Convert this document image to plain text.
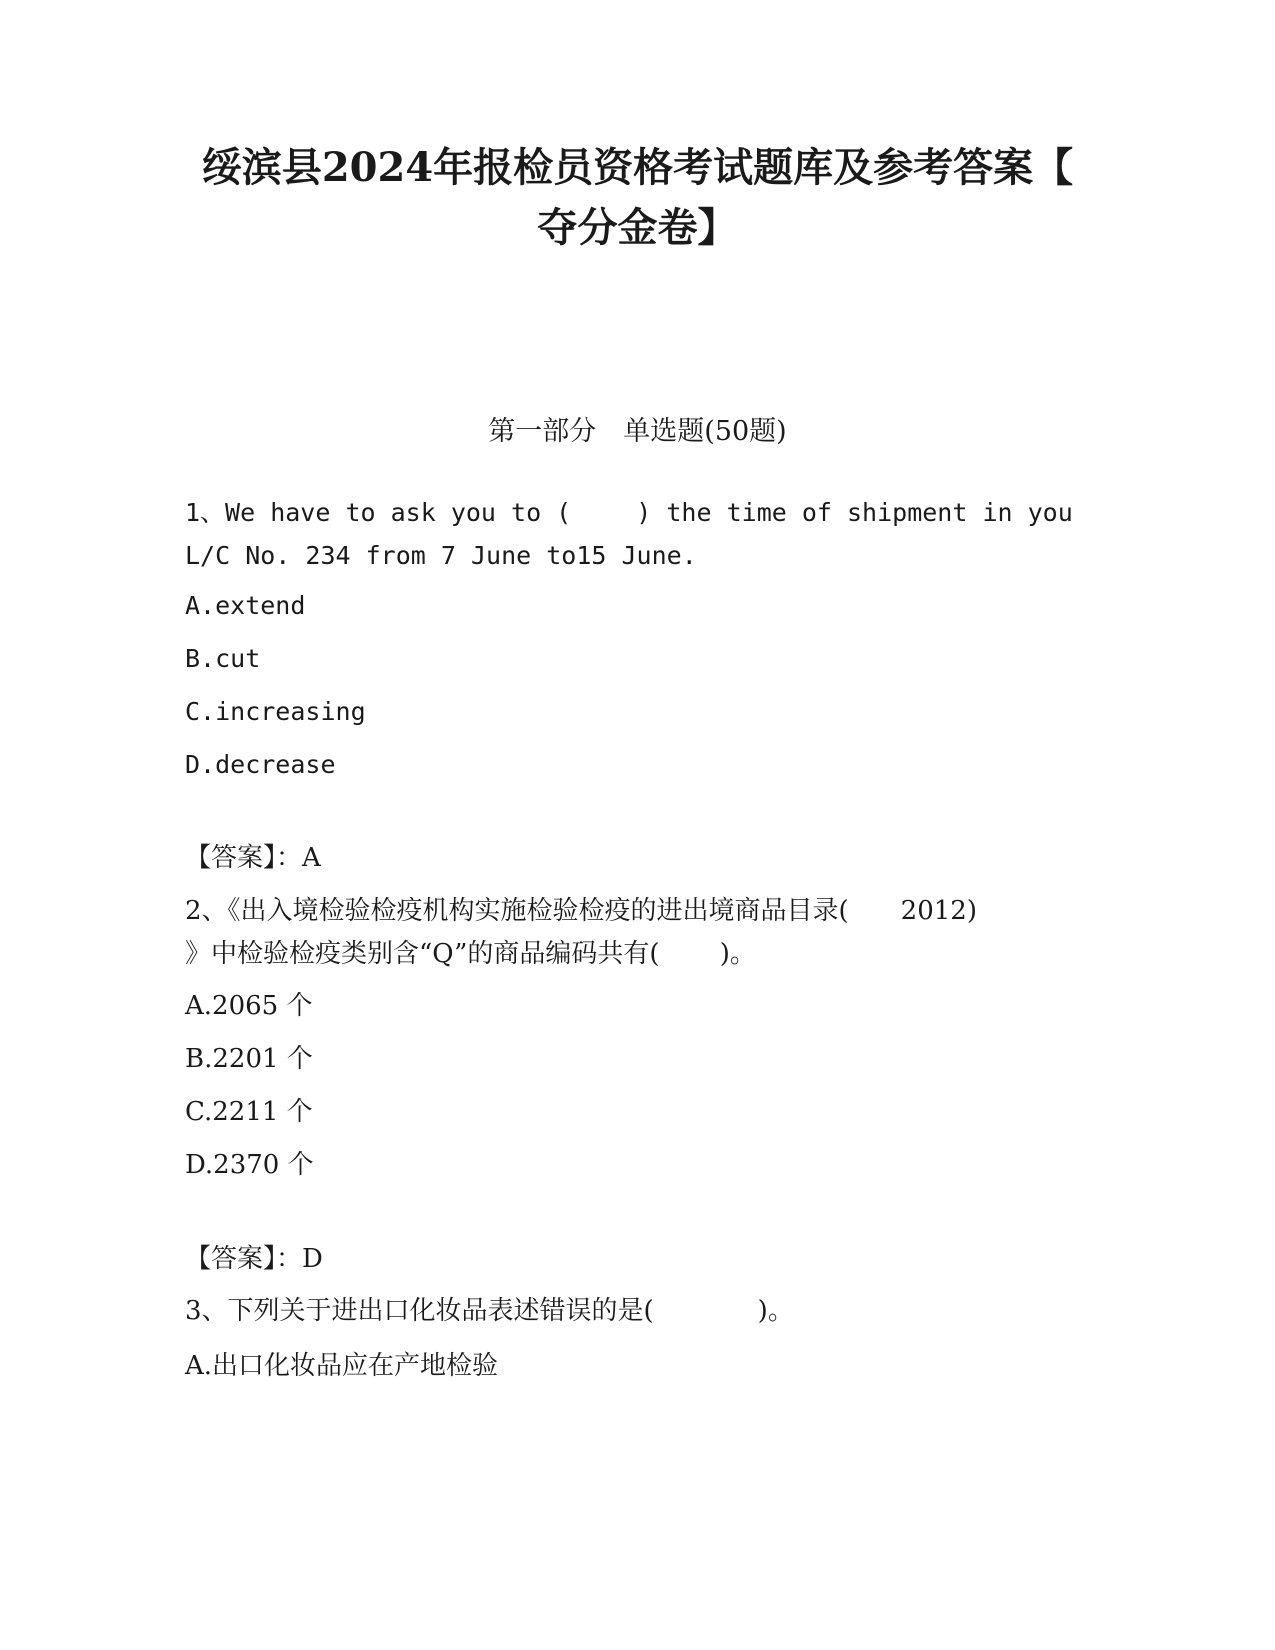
绥滨县2024年报检员资格考试题库及参考答案【
夺分金卷】
第一部分　单选题(50题)
1、We have to ask you to (　　 ) the time of shipment in you
L/C No. 234 from 7 June to15 June.
A.extend
B.cut
C.increasing
D.decrease
【答案】：A
2、《出入境检验检疫机构实施检验检疫的进出境商品目录(　　2012)
》中检验检疫类别含“Q”的商品编码共有(　　 )。
A.2065 个
B.2201 个
C.2211 个
D.2370 个
【答案】：D
3、下列关于进出口化妆品表述错误的是(　　　　)。
A.出口化妆品应在产地检验
